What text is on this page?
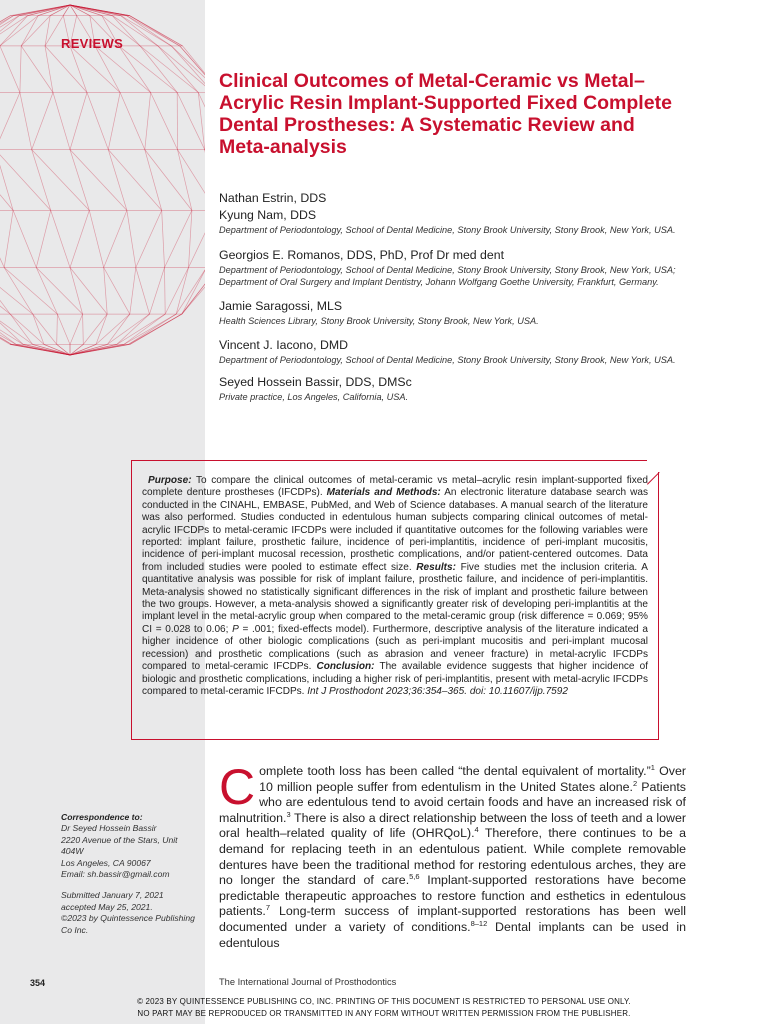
REVIEWS
Clinical Outcomes of Metal-Ceramic vs Metal–Acrylic Resin Implant-Supported Fixed Complete Dental Prostheses: A Systematic Review and Meta-analysis
Nathan Estrin, DDS
Kyung Nam, DDS
Department of Periodontology, School of Dental Medicine, Stony Brook University, Stony Brook, New York, USA.
Georgios E. Romanos, DDS, PhD, Prof Dr med dent
Department of Periodontology, School of Dental Medicine, Stony Brook University, Stony Brook, New York, USA; Department of Oral Surgery and Implant Dentistry, Johann Wolfgang Goethe University, Frankfurt, Germany.
Jamie Saragossi, MLS
Health Sciences Library, Stony Brook University, Stony Brook, New York, USA.
Vincent J. Iacono, DMD
Department of Periodontology, School of Dental Medicine, Stony Brook University, Stony Brook, New York, USA.
Seyed Hossein Bassir, DDS, DMSc
Private practice, Los Angeles, California, USA.

Purpose: To compare the clinical outcomes of metal-ceramic vs metal–acrylic resin implant-supported fixed complete denture prostheses (IFCDPs). Materials and Methods: An electronic literature database search was conducted in the CINAHL, EMBASE, PubMed, and Web of Science databases. A manual search of the literature was also performed. Studies conducted in edentulous human subjects comparing clinical outcomes of metal-acrylic IFCDPs to metal-ceramic IFCDPs were included if quantitative outcomes for the following variables were reported: implant failure, prosthetic failure, incidence of peri-implantitis, incidence of peri-implant mucositis, incidence of peri-implant mucosal recession, prosthetic complications, and/or patient-centered outcomes. Data from included studies were pooled to estimate effect size. Results: Five studies met the inclusion criteria. A quantitative analysis was possible for risk of implant failure, prosthetic failure, and incidence of peri-implantitis. Meta-analysis showed no statistically significant differences in the risk of implant and prosthetic failure between the two groups. However, a meta-analysis showed a significantly greater risk of developing peri-implantitis at the implant level in the metal-acrylic group when compared to the metal-ceramic group (risk difference = 0.069; 95% CI = 0.028 to 0.06; P = .001; fixed-effects model). Furthermore, descriptive analysis of the literature indicated a higher incidence of other biologic complications (such as peri-implant mucositis and peri-implant mucosal recession) and prosthetic complications (such as abrasion and veneer fracture) in metal-acrylic IFCDPs compared to metal-ceramic IFCDPs. Conclusion: The available evidence suggests that higher incidence of biologic and prosthetic complications, including a higher risk of peri-implantitis, present with metal-acrylic IFCDPs compared to metal-ceramic IFCDPs. Int J Prosthodont 2023;36:354–365. doi: 10.11607/ijp.7592

Correspondence to:
Dr Seyed Hossein Bassir
2220 Avenue of the Stars, Unit 404W
Los Angeles, CA 90067
Email: sh.bassir@gmail.com
Submitted January 7, 2021
accepted May 25, 2021.
©2023 by Quintessence Publishing Co Inc.
Complete tooth loss has been called “the dental equivalent of mortality.”$^1$ Over 10 million people suffer from edentulism in the United States alone.$^2$ Patients who are edentulous tend to avoid certain foods and have an increased risk of malnutrition.$^3$ There is also a direct relationship between the loss of teeth and a lower oral health–related quality of life (OHRQoL).$^4$ Therefore, there continues to be a demand for replacing teeth in an edentulous patient. While complete removable dentures have been the traditional method for restoring edentulous arches, they are no longer the standard of care.$^{5,6}$ Implant-supported restorations have become predictable therapeutic approaches to restore function and esthetics in edentulous patients.$^7$ Long-term success of implant-supported restorations has been well documented under a variety of conditions.$^{8-12}$ Dental implants can be used in edentulous
354	The International Journal of Prosthodontics
© 2023 BY QUINTESSENCE PUBLISHING CO, INC. PRINTING OF THIS DOCUMENT IS RESTRICTED TO PERSONAL USE ONLY.
NO PART MAY BE REPRODUCED OR TRANSMITTED IN ANY FORM WITHOUT WRITTEN PERMISSION FROM THE PUBLISHER.
